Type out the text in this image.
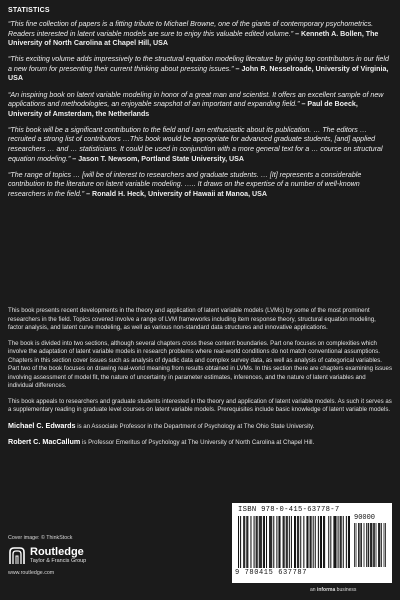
STATISTICS

“This fine collection of papers is a fitting tribute to Michael Browne, one of the giants of contemporary psychometrics. Readers interested in latent variable models are sure to enjoy this valuable edited volume.” – Kenneth A. Bollen, The University of North Carolina at Chapel Hill, USA

“This exciting volume adds impressively to the structural equation modeling literature by giving top contributors in our field a new forum for presenting their current thinking about pressing issues.” – John R. Nesselroade, University of Virginia, USA

“An inspiring book on latent variable modeling in honor of a great man and scientist. It offers an excellent sample of new applications and methodologies, an enjoyable snapshot of an important and expanding field.” – Paul de Boeck, University of Amsterdam, the Netherlands

“This book will be a significant contribution to the field and I am enthusiastic about its publication. … The editors … recruited a strong list of contributors …This book would be appropriate for advanced graduate students, [and] applied researchers … and … statisticians. It could be used in conjunction with a more general text for a … course on structural equation modeling.” – Jason T. Newsom, Portland State University, USA

“The range of topics … [will be of interest to researchers and graduate students. … [It] represents a considerable contribution to the literature on latent variable modeling. ….. It draws on the expertise of a number of well-known researchers in the field.” – Ronald H. Heck, University of Hawaii at Manoa, USA

This book presents recent developments in the theory and application of latent variable models (LVMs) by some of the most prominent researchers in the field. Topics covered involve a range of LVM frameworks including item response theory, structural equation modeling, factor analysis, and latent curve modeling, as well as various non-standard data structures and innovative applications.

The book is divided into two sections, although several chapters cross these content boundaries. Part one focuses on complexities which involve the adaptation of latent variable models in research problems where real-world conditions do not match conventional assumptions. Chapters in this section cover issues such as analysis of dyadic data and complex survey data, as well as analysis of categorical variables. Part two of the book focuses on drawing real-world meaning from results obtained in LVMs. In this section there are chapters examining issues involving assessment of model fit, the nature of uncertainty in parameter estimates, inferences, and the nature of latent variables and individual differences.

This book appeals to researchers and graduate students interested in the theory and application of latent variable models. As such it serves as a supplementary reading in graduate level courses on latent variable models. Prerequisites include basic knowledge of latent variable models.

Michael C. Edwards is an Associate Professor in the Department of Psychology at The Ohio State University.

Robert C. MacCallum is Professor Emeritus of Psychology at The University of North Carolina at Chapel Hill.

Cover image: © ThinkStock
Routledge
Taylor & Francis Group
www.routledge.com
ISBN 978-0-415-63778-7
90000
9 780415 637787
an informa business
